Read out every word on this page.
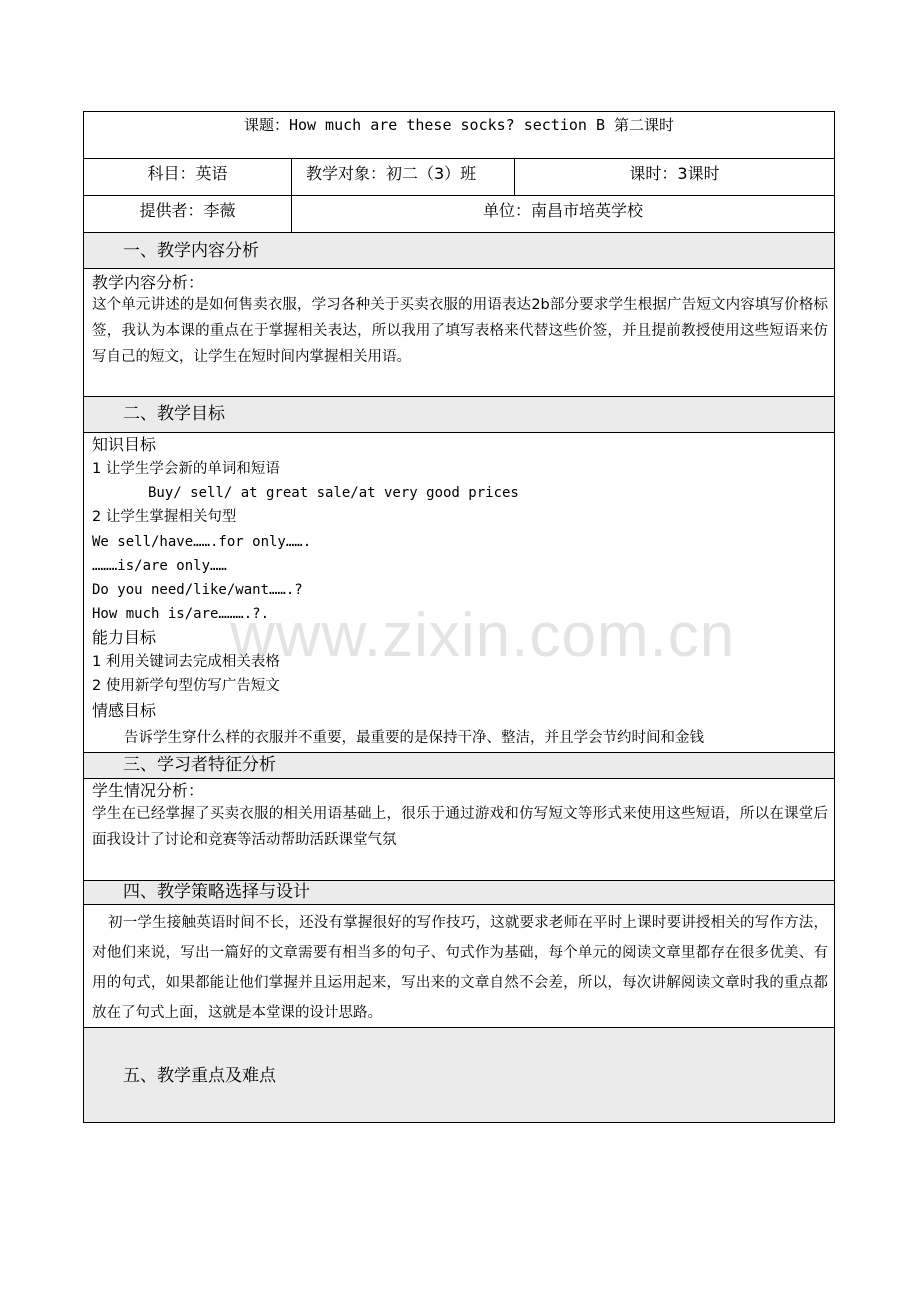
课题：How much are these socks? section B 第二课时
科目：英语	教学对象：初二（3）班	课时：3课时
提供者：李薇	单位：南昌市培英学校
一、教学内容分析
教学内容分析：
这个单元讲述的是如何售卖衣服，学习各种关于买卖衣服的用语表达2b部分要求学生根据广告短文内容填写价格标签，我认为本课的重点在于掌握相关表达，所以我用了填写表格来代替这些价签，并且提前教授使用这些短语来仿写自己的短文，让学生在短时间内掌握相关用语。
二、教学目标
知识目标
1 让学生学会新的单词和短语
Buy/ sell/ at great sale/at very good prices
2 让学生掌握相关句型
We sell/have…….for only…….
………is/are only……
Do you need/like/want…….?
How much is/are……….?.
能力目标
1 利用关键词去完成相关表格
2 使用新学句型仿写广告短文
情感目标
告诉学生穿什么样的衣服并不重要，最重要的是保持干净、整洁，并且学会节约时间和金钱
三、学习者特征分析
学生情况分析：
学生在已经掌握了买卖衣服的相关用语基础上，很乐于通过游戏和仿写短文等形式来使用这些短语，所以在课堂后面我设计了讨论和竞赛等活动帮助活跃课堂气氛
四、教学策略选择与设计
初一学生接触英语时间不长，还没有掌握很好的写作技巧，这就要求老师在平时上课时要讲授相关的写作方法，对他们来说，写出一篇好的文章需要有相当多的句子、句式作为基础，每个单元的阅读文章里都存在很多优美、有用的句式，如果都能让他们掌握并且运用起来，写出来的文章自然不会差，所以，每次讲解阅读文章时我的重点都放在了句式上面，这就是本堂课的设计思路。
五、教学重点及难点
www.zixin.com.cn
